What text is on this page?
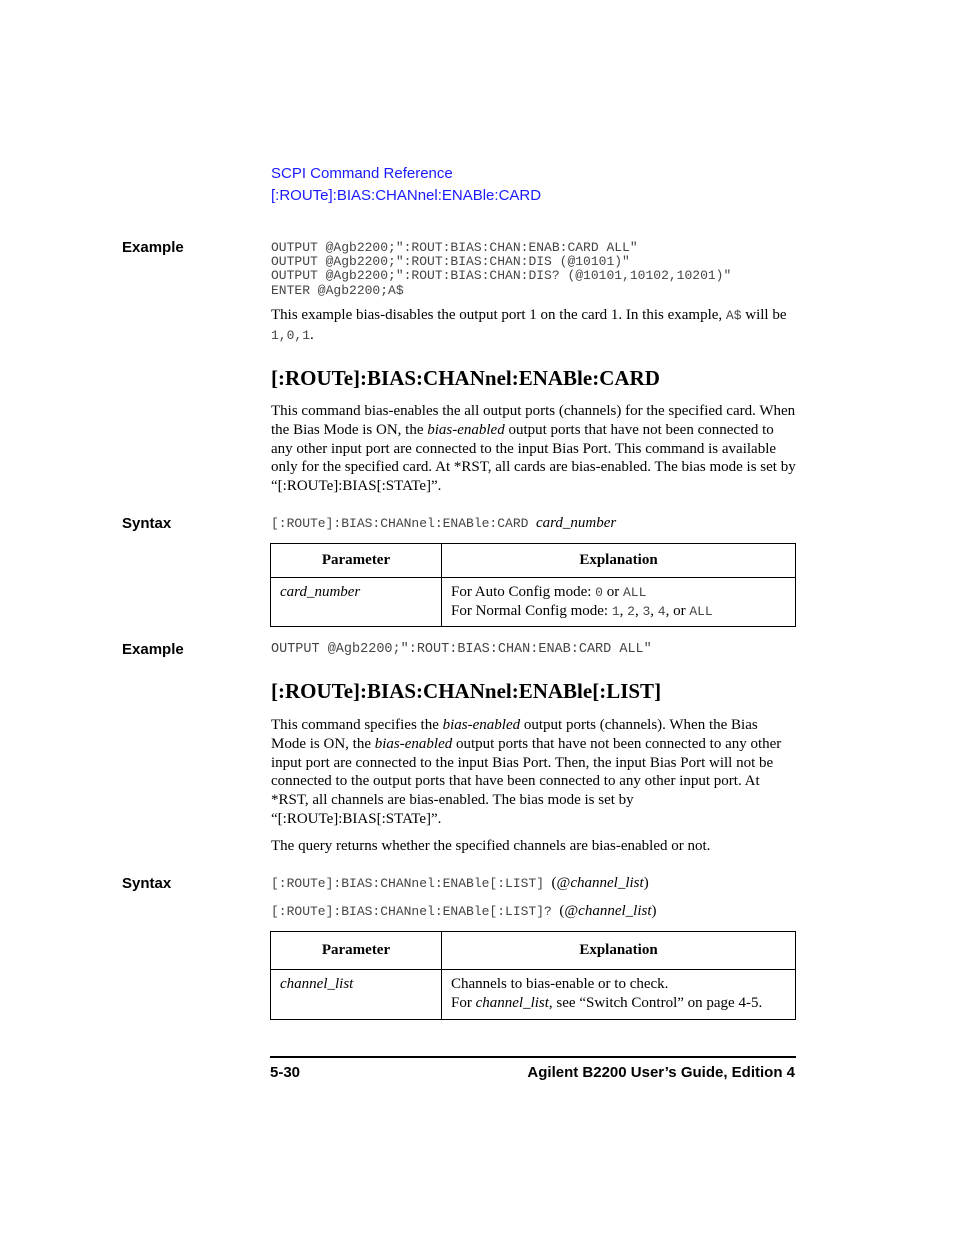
SCPI Command Reference
[:ROUTe]:BIAS:CHANnel:ENABle:CARD
Example	OUTPUT @Agb2200;":ROUT:BIAS:CHAN:ENAB:CARD ALL"
OUTPUT @Agb2200;":ROUT:BIAS:CHAN:DIS (@10101)"
OUTPUT @Agb2200;":ROUT:BIAS:CHAN:DIS? (@10101,10102,10201)"
ENTER @Agb2200;A$
This example bias-disables the output port 1 on the card 1. In this example, A$ will be 1,0,1.
[:ROUTe]:BIAS:CHANnel:ENABle:CARD
This command bias-enables the all output ports (channels) for the specified card. When the Bias Mode is ON, the bias-enabled output ports that have not been connected to any other input port are connected to the input Bias Port. This command is available only for the specified card. At *RST, all cards are bias-enabled. The bias mode is set by “[:ROUTe]:BIAS[:STATe]”.
Syntax	[:ROUTe]:BIAS:CHANnel:ENABle:CARD card_number
Parameter	Explanation

card_number	For Auto Config mode: 0 or ALL
For Normal Config mode: 1, 2, 3, 4, or ALL
Example	OUTPUT @Agb2200;":ROUT:BIAS:CHAN:ENAB:CARD ALL"
[:ROUTe]:BIAS:CHANnel:ENABle[:LIST]
This command specifies the bias-enabled output ports (channels). When the Bias Mode is ON, the bias-enabled output ports that have not been connected to any other input port are connected to the input Bias Port. Then, the input Bias Port will not be connected to the output ports that have been connected to any other input port. At *RST, all channels are bias-enabled. The bias mode is set by “[:ROUTe]:BIAS[:STATe]”.
The query returns whether the specified channels are bias-enabled or not.
Syntax	[:ROUTe]:BIAS:CHANnel:ENABle[:LIST] (@channel_list)
[:ROUTe]:BIAS:CHANnel:ENABle[:LIST]? (@channel_list)
Parameter	Explanation

channel_list	Channels to bias-enable or to check.
For channel_list, see “Switch Control” on page 4-5.
5-30	Agilent B2200 User’s Guide, Edition 4
